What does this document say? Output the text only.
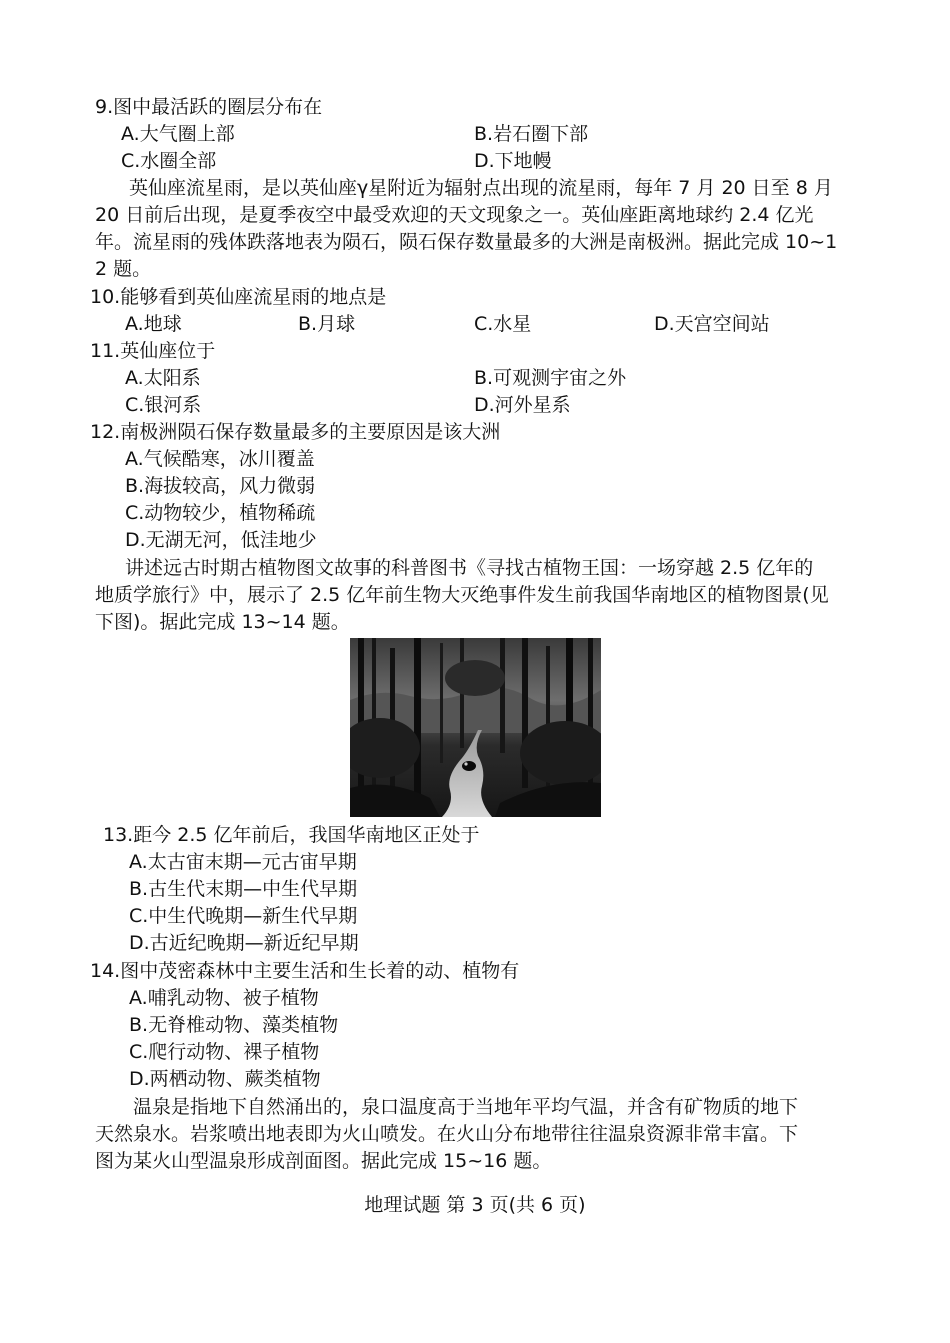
9.图中最活跃的圈层分布在
A.大气圈上部	B.岩石圈下部
C.水圈全部	D.下地幔
英仙座流星雨，是以英仙座γ星附近为辐射点出现的流星雨，每年 7 月 20 日至 8 月
20 日前后出现，是夏季夜空中最受欢迎的天文现象之一。英仙座距离地球约 2.4 亿光
年。流星雨的残体跌落地表为陨石，陨石保存数量最多的大洲是南极洲。据此完成 10~1
2 题。
10.能够看到英仙座流星雨的地点是
A.地球	B.月球	C.水星	D.天宫空间站
11.英仙座位于
A.太阳系	B.可观测宇宙之外
C.银河系	D.河外星系
12.南极洲陨石保存数量最多的主要原因是该大洲
A.气候酷寒，冰川覆盖
B.海拔较高，风力微弱
C.动物较少，植物稀疏
D.无湖无河，低洼地少
讲述远古时期古植物图文故事的科普图书《寻找古植物王国：一场穿越 2.5 亿年的
地质学旅行》中，展示了 2.5 亿年前生物大灭绝事件发生前我国华南地区的植物图景(见
下图)。据此完成 13~14 题。
13.距今 2.5 亿年前后，我国华南地区正处于
A.太古宙末期—元古宙早期
B.古生代末期—中生代早期
C.中生代晚期—新生代早期
D.古近纪晚期—新近纪早期
14.图中茂密森林中主要生活和生长着的动、植物有
A.哺乳动物、被子植物
B.无脊椎动物、藻类植物
C.爬行动物、裸子植物
D.两栖动物、蕨类植物
温泉是指地下自然涌出的，泉口温度高于当地年平均气温，并含有矿物质的地下
天然泉水。岩浆喷出地表即为火山喷发。在火山分布地带往往温泉资源非常丰富。下
图为某火山型温泉形成剖面图。据此完成 15~16 题。
地理试题 第 3 页(共 6 页)
